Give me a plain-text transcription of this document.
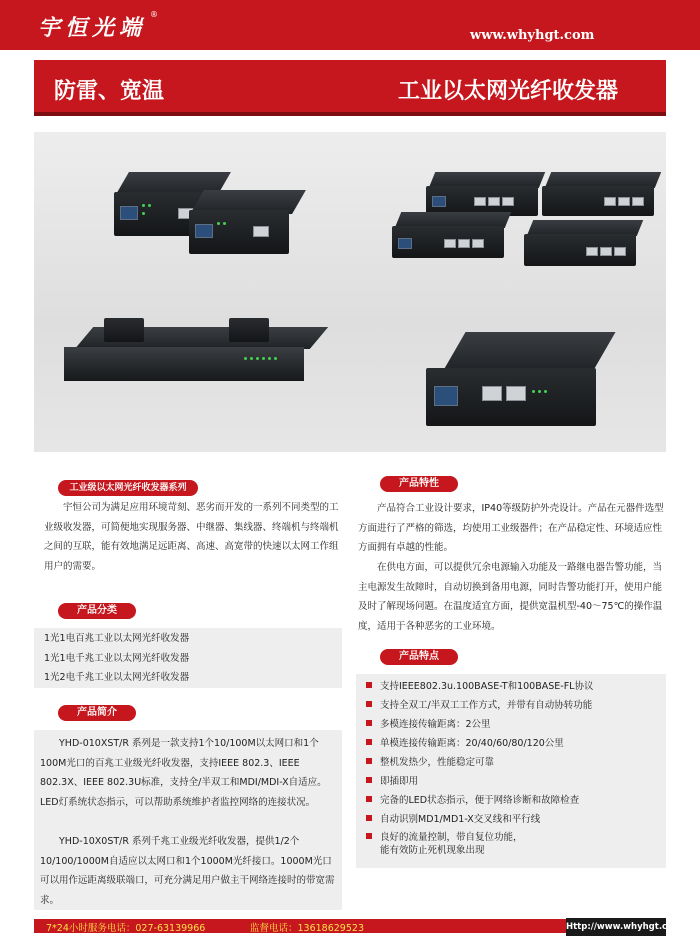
宇恒光端
®
www.whyhgt.com
防雷、宽温	工业以太网光纤收发器
工业级以太网光纤收发器系列

宇恒公司为满足应用环境苛刻、恶劣而开发的一系列不同类型的工业级收发器，可简便地实现服务器、中继器、集线器、终端机与终端机之间的互联，能有效地满足远距离、高速、高宽带的快速以太网工作组用户的需要。

产品分类
1光1电百兆工业以太网光纤收发器
1光1电千兆工业以太网光纤收发器
1光2电千兆工业以太网光纤收发器
产品简介

YHD-010XST/R 系列是一款支持1个10/100M以太网口和1个100M光口的百兆工业级光纤收发器，支持IEEE 802.3、IEEE 802.3X、IEEE 802.3U标准，支持全/半双工和MDI/MDI-X自适应。LED灯系统状态指示，可以帮助系统维护者监控网络的连接状况。

YHD-10X0ST/R 系列千兆工业级光纤收发器，提供1/2个10/100/1000M自适应以太网口和1个1000M光纤接口。1000M光口可以用作远距离级联端口，可充分满足用户做主干网络连接时的带宽需求。

产品特性

产品符合工业设计要求，IP40等级防护外壳设计。产品在元器件选型方面进行了严格的筛选，均使用工业级器件；在产品稳定性、环境适应性方面拥有卓越的性能。

在供电方面，可以提供冗余电源输入功能及一路继电器告警功能，当主电源发生故障时，自动切换到备用电源，同时告警功能打开，使用户能及时了解现场问题。在温度适宜方面，提供宽温机型-40～75℃的操作温度，适用于各种恶劣的工业环境。

产品特点
支持IEEE802.3u.100BASE-T和100BASE-FL协议
支持全双工/半双工工作方式，并带有自动协转功能
多模连接传输距离：2公里
单模连接传输距离：20/40/60/80/120公里
整机发热少，性能稳定可靠
即插即用
完备的LED状态指示，便于网络诊断和故障检查
自动识别MD1/MD1-X交叉线和平行线
良好的流量控制，带自复位功能，
能有效防止死机现象出现
7*24小时服务电话：027-63139966	监督电话：13618629523	Http://www.whyhgt.com
